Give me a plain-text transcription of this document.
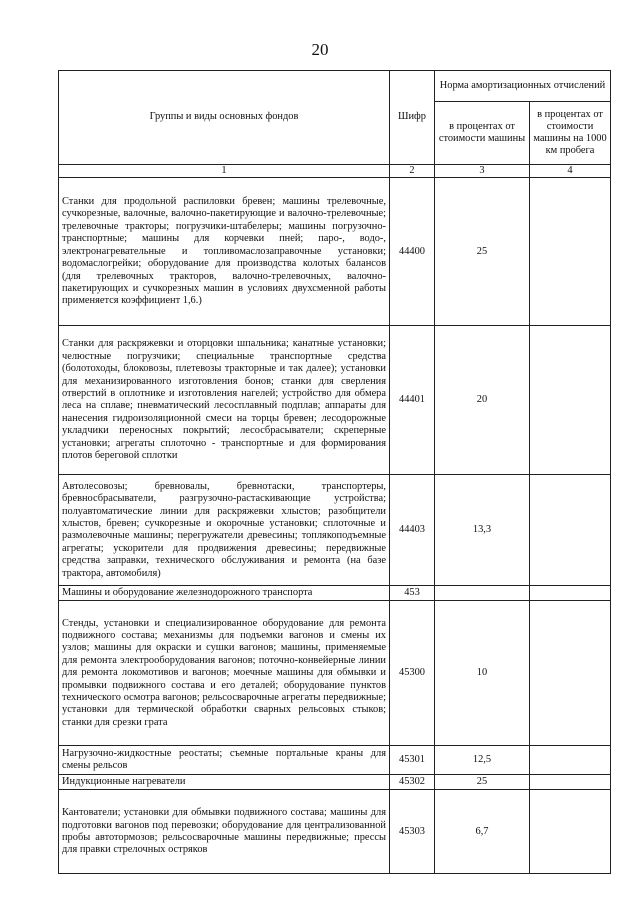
20
Группы и виды основных фондов	Шифр	Норма амортизационных отчислений	
		в процентах от стоимости машины	в процентах от стоимости машины на 1000 км пробега
1	2	3	4
Станки для продольной распиловки бревен; машины трелевочные, сучкорезные, валочные, валочно-пакетирующие и валочно-трелевочные; трелевочные тракторы; погрузчики-штабелеры; машины погрузочно-транспортные; машины для корчевки пней; паро-, водо-, электронагревательные и топливомаслозаправочные установки; водомаслогрейки; оборудование для производства колотых балансов (для трелевочных тракторов, валочно-трелевочных, валочно-пакетирующих и сучкорезных машин в условиях двухсменной работы применяется коэффициент 1,6.)	44400	25	
Станки для раскряжевки и оторцовки шпальника; канатные установки; челюстные погрузчики; специальные транспортные средства (болотоходы, блоковозы, плетевозы тракторные и так далее); установки для механизированного изготовления бонов; станки для сверления отверстий в оплотнике и изготовления нагелей; устройство для обмера леса на сплаве; пневматический лесосплавный подплав; аппараты для нанесения гидроизоляционной смеси на торцы бревен; лесодорожные укладчики переносных покрытий; лесосбрасыватели; скреперные установки; агрегаты сплоточно - транспортные и для формирования плотов береговой сплотки	44401	20	
Автолесовозы; бревновалы, бревнотаски, транспортеры, бревносбрасыватели, разгрузочно-растаскивающие устройства; полуавтоматические линии для раскряжевки хлыстов; разобщители хлыстов, бревен; сучкорезные и окорочные установки; сплоточные и размолевочные машины; перегружатели древесины; топлякоподъемные агрегаты; ускорители для продвижения древесины; передвижные средства заправки, технического обслуживания и ремонта (на базе трактора, автомобиля)	44403	13,3	
Машины и оборудование железнодорожного транспорта	453		
Стенды, установки и специализированное оборудование для ремонта подвижного состава; механизмы для подъемки вагонов и смены их узлов; машины для окраски и сушки вагонов; машины, применяемые для ремонта электрооборудования вагонов; поточно-конвейерные линии для ремонта локомотивов и вагонов; моечные машины для обмывки и промывки подвижного состава и его деталей; оборудование пунктов технического осмотра вагонов; рельсосварочные агрегаты передвижные; установки для термической обработки сварных рельсовых стыков; станки для срезки грата	45300	10	
Нагрузочно-жидкостные реостаты; съемные портальные краны для смены рельсов	45301	12,5	
Индукционные нагреватели	45302	25	
Кантователи; установки для обмывки подвижного состава; машины для подготовки вагонов под перевозки; оборудование для централизованной пробы автотормозов; рельсосварочные машины передвижные; прессы для правки стрелочных остряков	45303	6,7	
